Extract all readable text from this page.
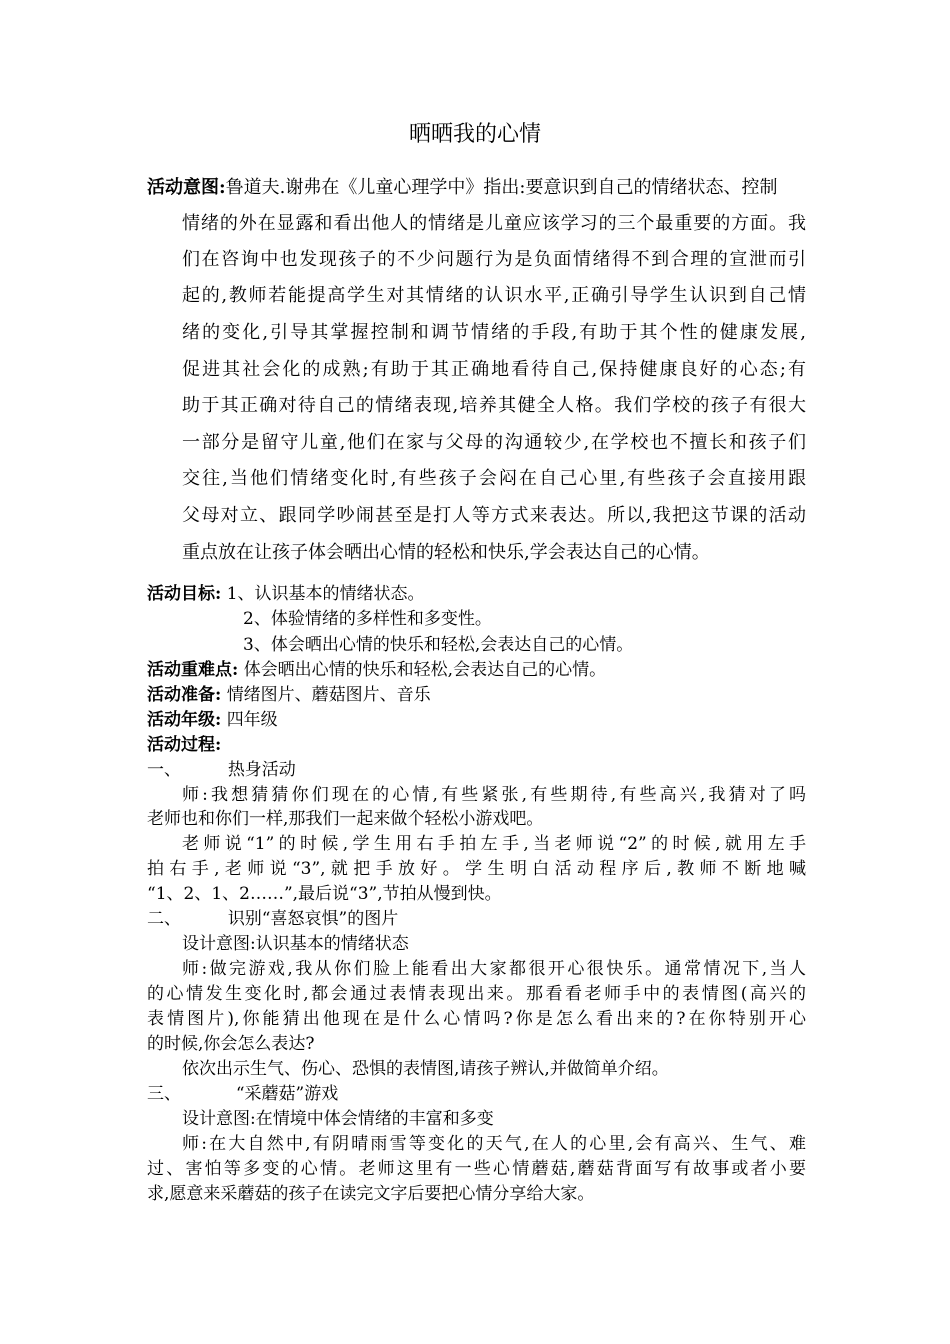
晒晒我的心情
活动意图:鲁道夫.谢弗在《儿童心理学中》指出:要意识到自己的情绪状态、控制
情绪的外在显露和看出他人的情绪是儿童应该学习的三个最重要的方面。我
们在咨询中也发现孩子的不少问题行为是负面情绪得不到合理的宣泄而引
起的,教师若能提高学生对其情绪的认识水平,正确引导学生认识到自己情
绪的变化,引导其掌握控制和调节情绪的手段,有助于其个性的健康发展,
促进其社会化的成熟;有助于其正确地看待自己,保持健康良好的心态;有
助于其正确对待自己的情绪表现,培养其健全人格。我们学校的孩子有很大
一部分是留守儿童,他们在家与父母的沟通较少,在学校也不擅长和孩子们
交往,当他们情绪变化时,有些孩子会闷在自己心里,有些孩子会直接用跟
父母对立、跟同学吵闹甚至是打人等方式来表达。所以,我把这节课的活动
重点放在让孩子体会晒出心情的轻松和快乐,学会表达自己的心情。
活动目标: 1、认识基本的情绪状态。
2、体验情绪的多样性和多变性。
3、体会晒出心情的快乐和轻松,会表达自己的心情。
活动重难点: 体会晒出心情的快乐和轻松,会表达自己的心情。
活动准备: 情绪图片、蘑菇图片、音乐
活动年级: 四年级
活动过程:
一、	热身活动
师:我想猜猜你们现在的心情,有些紧张,有些期待,有些高兴,我猜对了吗
老师也和你们一样,那我们一起来做个轻松小游戏吧。
老师说“1”的时候,学生用右手拍左手,当老师说“2”的时候,就用左手
拍右手,老师说“3”,就把手放好。学生明白活动程序后,教师不断地喊
“1、2、1、2……”,最后说“3”,节拍从慢到快。
二、	识别“喜怒哀惧”的图片
设计意图:认识基本的情绪状态
师:做完游戏,我从你们脸上能看出大家都很开心很快乐。通常情况下,当人
的心情发生变化时,都会通过表情表现出来。那看看老师手中的表情图(高兴的
表情图片),你能猜出他现在是什么心情吗?你是怎么看出来的?在你特别开心
的时候,你会怎么表达?
依次出示生气、伤心、恐惧的表情图,请孩子辨认,并做简单介绍。
三、	“采蘑菇”游戏
设计意图:在情境中体会情绪的丰富和多变
师:在大自然中,有阴晴雨雪等变化的天气,在人的心里,会有高兴、生气、难
过、害怕等多变的心情。老师这里有一些心情蘑菇,蘑菇背面写有故事或者小要
求,愿意来采蘑菇的孩子在读完文字后要把心情分享给大家。
